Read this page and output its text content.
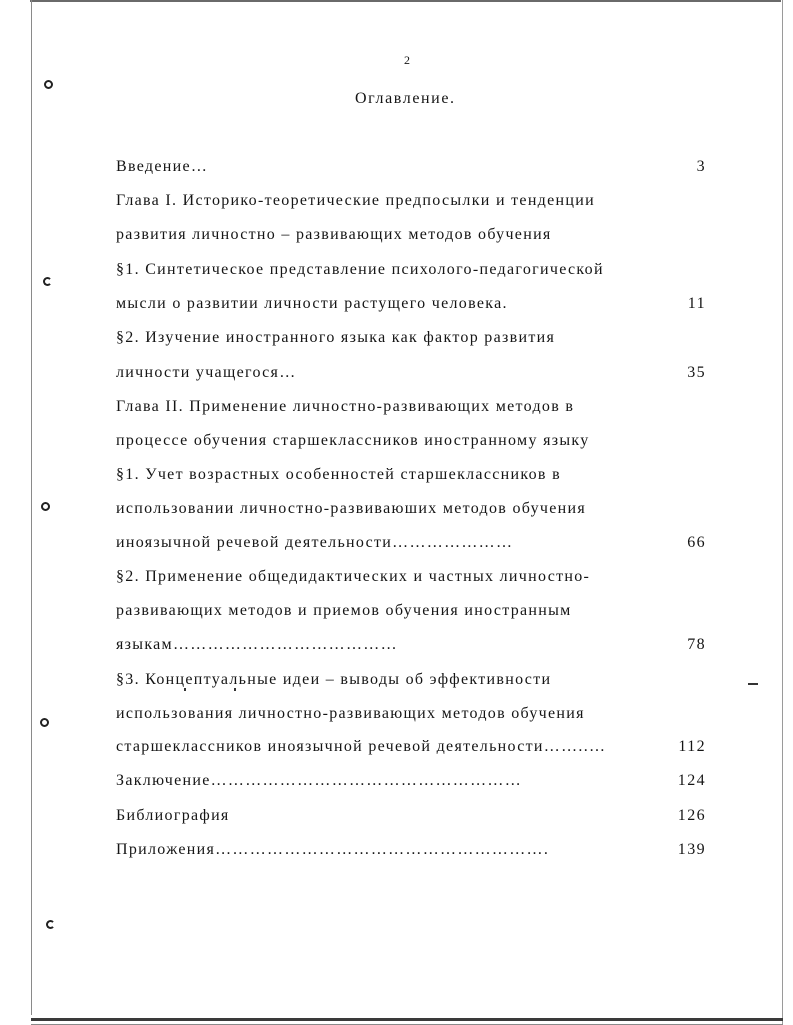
2

Оглавление.
Введение…	3
Глава I. Историко-теоретические предпосылки и тенденции
развития личностно – развивающих методов обучения
§1. Синтетическое представление психолого-педагогической
мысли о развитии личности растущего человека.	11
§2. Изучение иностранного языка как фактор развития
личности учащегося…	35
Глава II. Применение личностно-развивающих методов в
процессе обучения старшеклассников иностранному языку
§1. Учет возрастных особенностей старшеклассников в
использовании личностно-развиваюших методов обучения
иноязычной речевой деятельности…………………	66
§2. Применение общедидактических и частных личностно-
развивающих методов и приемов обучения иностранным
языкам…………………………………	78
§3. Концептуальные идеи – выводы об эффективности
использования личностно-развивающих методов обучения
старшеклассников иноязычной речевой деятельности……..…	112
Заключение………………………………………………	124
Библиография	126
Приложения………………………………………………….	139
